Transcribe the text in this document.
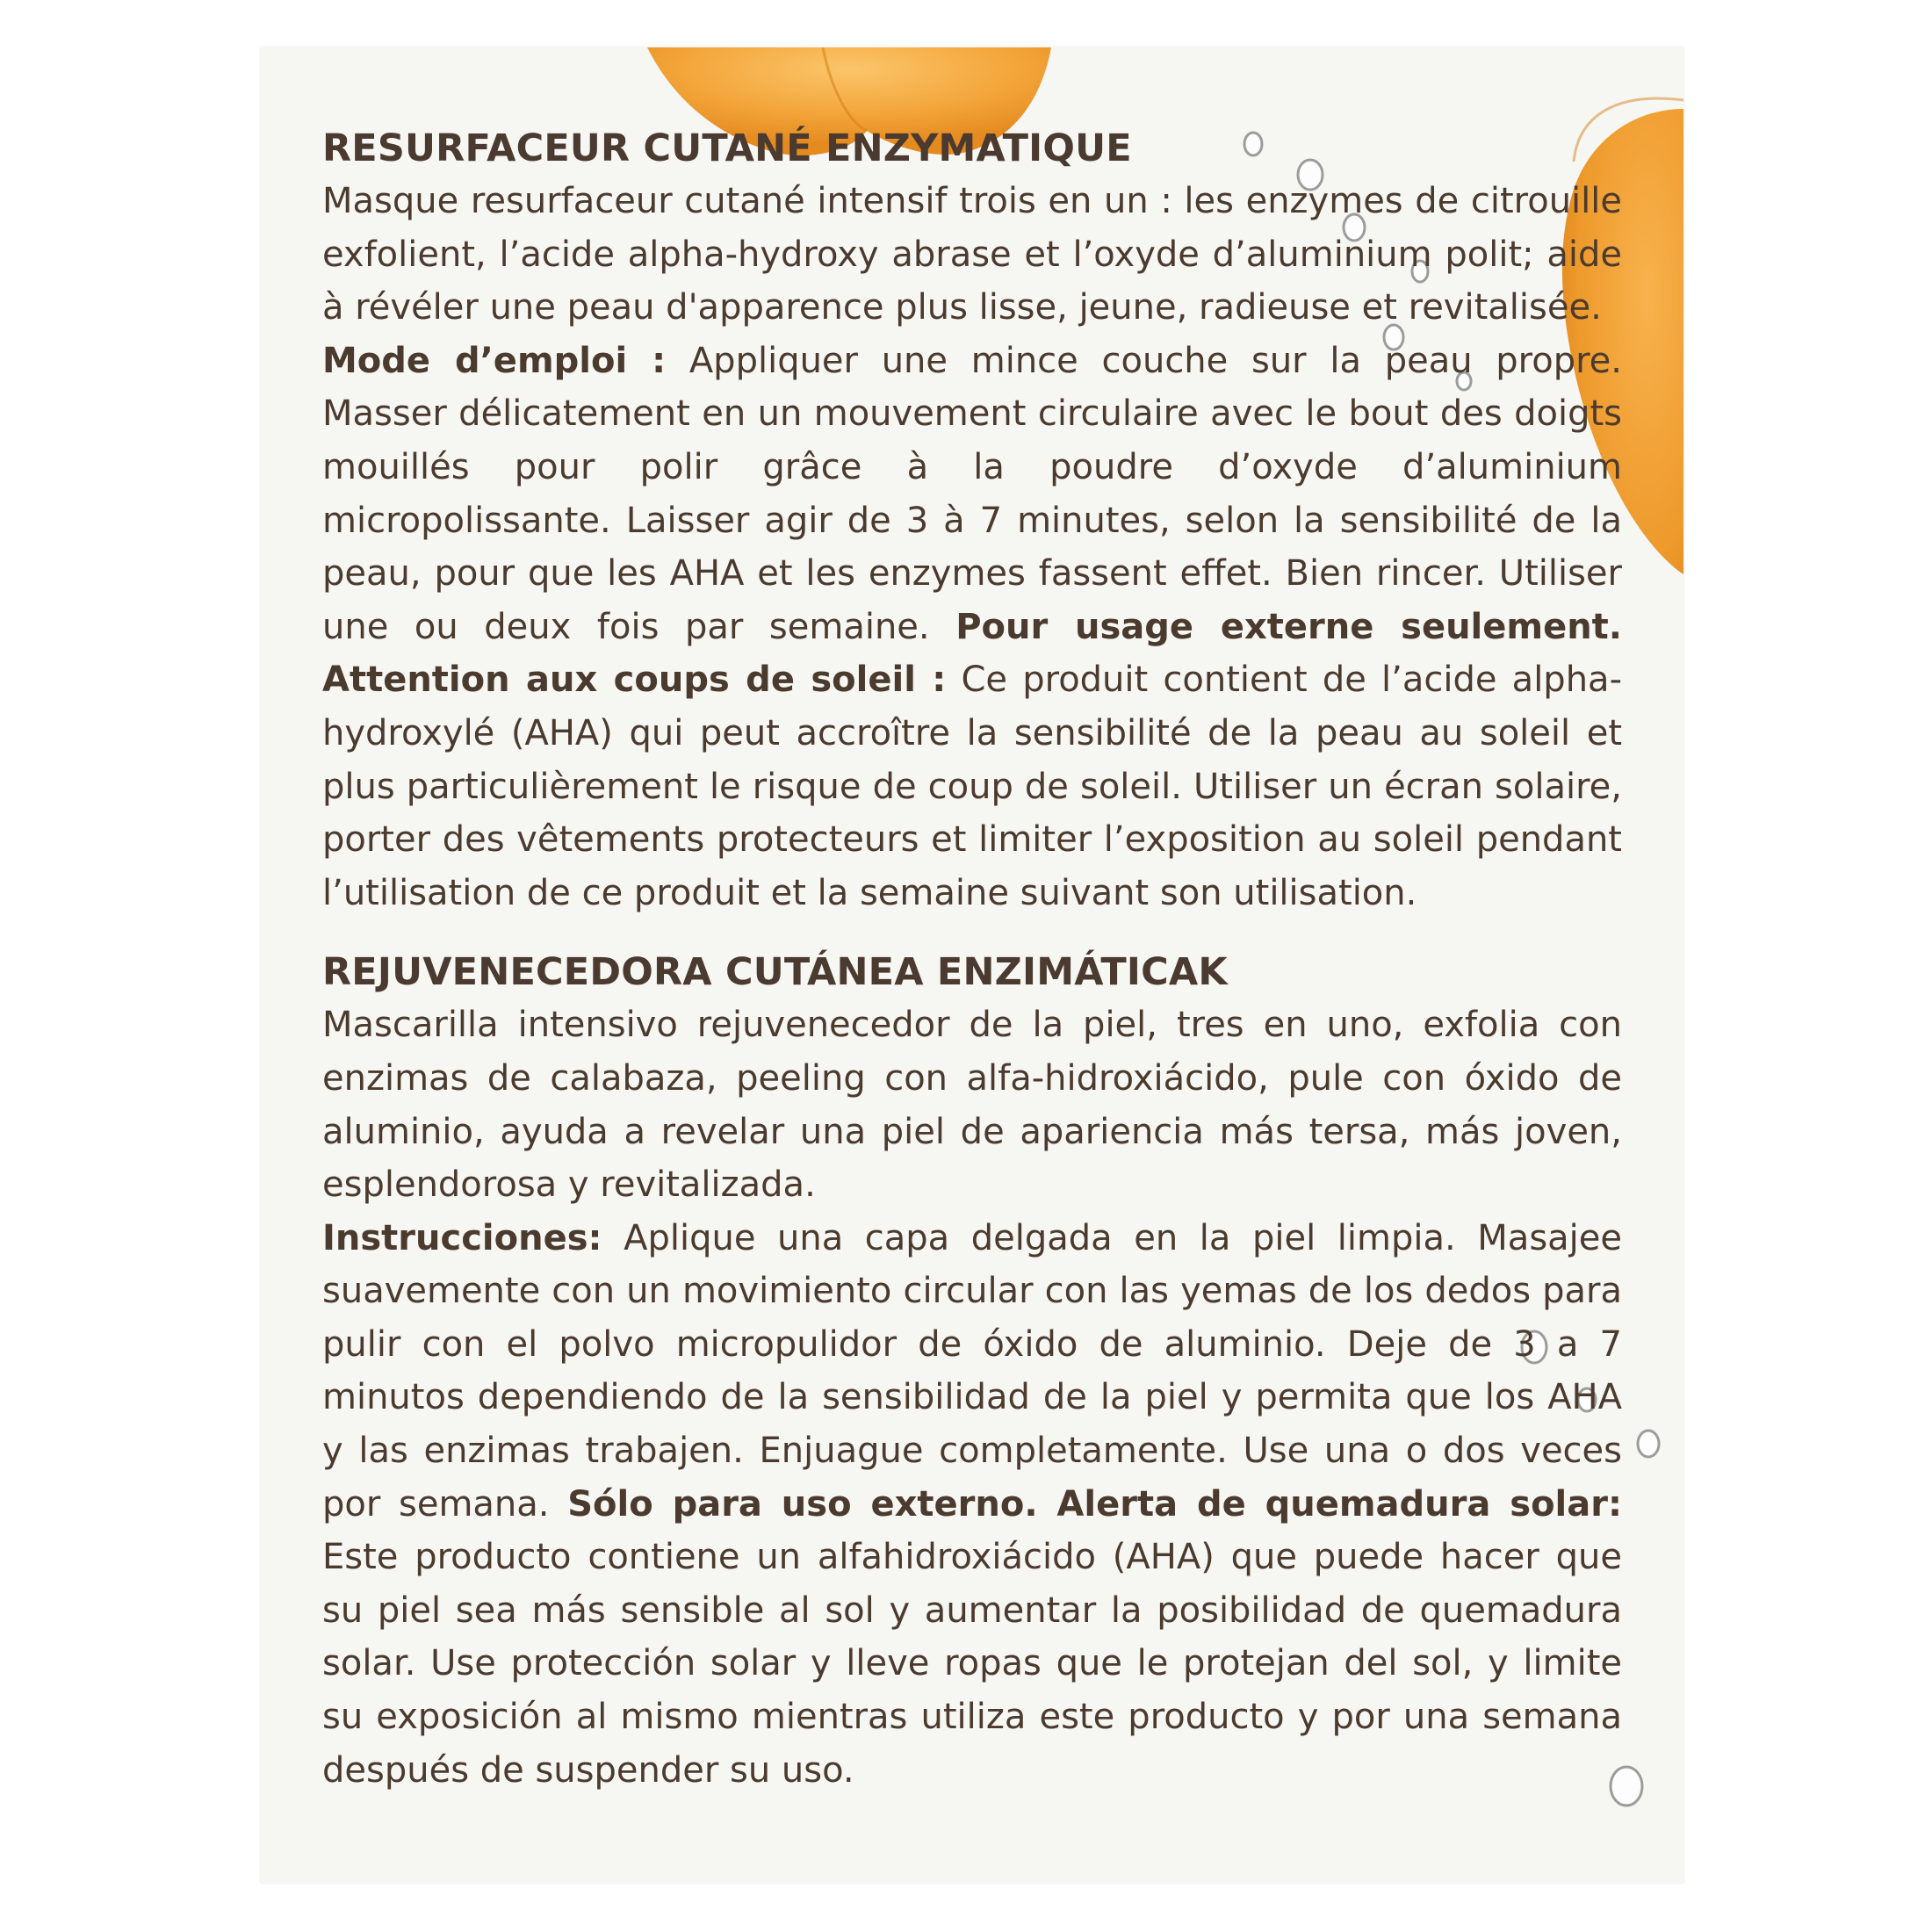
RESURFACEUR CUTANÉ ENZYMATIQUE

Masque resurfaceur cutané intensif trois en un : les enzymes de citrouille exfolient, l’acide alpha-hydroxy abrase et l’oxyde d’aluminium polit; aide à révéler une peau d'apparence plus lisse, jeune, radieuse et revitalisée.

Mode d’emploi : Appliquer une mince couche sur la peau propre. Masser délicatement en un mouvement circulaire avec le bout des doigts mouillés pour polir grâce à la poudre d’oxyde d’aluminium micropolissante. Laisser agir de 3 à 7 minutes, selon la sensibilité de la peau, pour que les AHA et les enzymes fassent effet. Bien rincer. Utiliser une ou deux fois par semaine. Pour usage externe seulement. Attention aux coups de soleil : Ce produit contient de l’acide alpha-hydroxylé (AHA) qui peut accroître la sensibilité de la peau au soleil et plus particulièrement le risque de coup de soleil. Utiliser un écran solaire, porter des vêtements protecteurs et limiter l’exposition au soleil pendant l’utilisation de ce produit et la semaine suivant son utilisation.

REJUVENECEDORA CUTÁNEA ENZIMÁTICAK

Mascarilla intensivo rejuvenecedor de la piel, tres en uno, exfolia con enzimas de calabaza, peeling con alfa-hidroxiácido, pule con óxido de aluminio, ayuda a revelar una piel de apariencia más tersa, más joven, esplendorosa y revitalizada.

Instrucciones: Aplique una capa delgada en la piel limpia. Masajee suavemente con un movimiento circular con las yemas de los dedos para pulir con el polvo micropulidor de óxido de aluminio. Deje de 3 a 7 minutos dependiendo de la sensibilidad de la piel y permita que los AHA y las enzimas trabajen. Enjuague completamente. Use una o dos veces por semana. Sólo para uso externo. Alerta de quemadura solar: Este producto contiene un alfahidroxiácido (AHA) que puede hacer que su piel sea más sensible al sol y aumentar la posibilidad de quemadura solar. Use protección solar y lleve ropas que le protejan del sol, y limite su exposición al mismo mientras utiliza este producto y por una semana después de suspender su uso.
